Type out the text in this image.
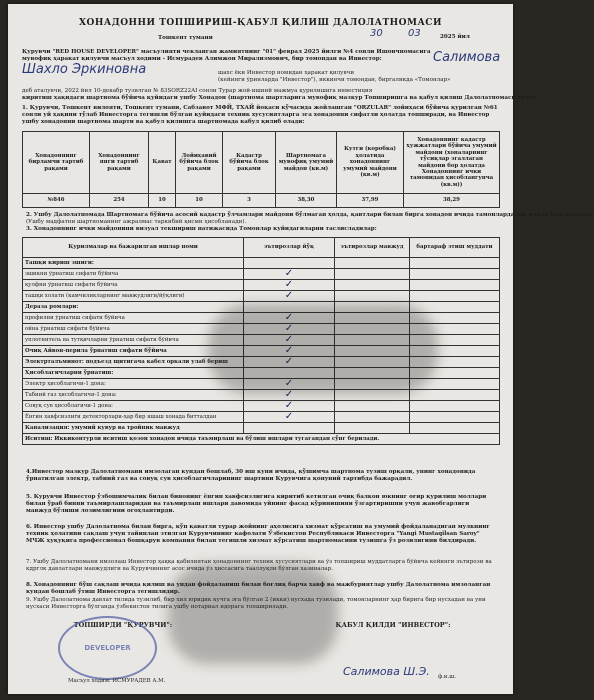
ХОНАДОННИ ТОПШИРИШ-ҚАБУЛ ҚИЛИШ ДАЛОЛАТНОМАСИ
Тошкент тумани	30	03	2025 йил
Қурувчи "RED HOUSE DEVELOPER" масъулияти чекланган жамиятнинг "01" феврал 2025 йилги №4 сонли Ишончномасига
мувофиқ ҳаракат қилувчи масъул ходими - Исмурадев Алимжон Мирализмович, бир томондан ва Инвестор:	Салимова
Шахло Эркиновна	шахс ёки Инвестор номидан ҳаракат қилувчи
(кейинги ўринларда "Инвестор"), иккинчи томондан, биргаликда «Томонлар»
деб аталувчи, 2022 йил 10-декабр тузилган № 83SORZ22AI сонли Турар жой-ишиий мажмуа қурилишига инвестиция
киритиш ҳақидаги шартнома бўйича қуйидаги ушбу Хонадон (шартнома шартларига мувофиқ мазкур Топширишга ва қабул қилиш Далолатномаси тузди:
1. Қурувчи, Тошкент вилояти, Тошкент тумани, Сабзавот МФЙ, ТХАЙ йоқаси кўчасида жойлашган "ORZULAR" лойиҳаси бўйича қурилган №61
сонли уй ҳақини тўлаб Инвесторга тегишли бўлган қуйидаги техник хусусиятларга эга хонадонни сифатли ҳолатда топширади, ва Инвестор
ушбу хонадонни шартнома шарти ва қабул қилишга шартномада кабул қилиб олади:
Хонадоннинг бирламчи тартиб рақами	Хонадоннинг янги тартиб рақами	Қават	Лойиҳавий бўйича блок рақами	Кадастр бўйича блок рақами	Шартномага мувофиқ умумий майдон (кв.м)	Кутги (коробка) ҳолатида хонадоннинг умумий майдони (кв.м)	Хонадоннинг кадастр ҳужжатлари бўйича умумий майдони (хоналарнинг тўсиқлар эгаллаган майдони бор ҳолатда Хонадоннинг ички тамонидан ҳисоблангунча (кв.м))
№846	254	10	10	3	38,30	37,99	38,29
2. Ушбу Далолатномада Шартномага бўйича асосий кадастр ўлчамлари майдони бўлмаган ҳолда, қавтлари билан бирга хонадон ичида тамонларда иш ичида белгиланади.
(Ушбу мадфатни шартноманинг ажралмас таркибий қисми ҳисобланади).
3. Хонадоннинг ички майдонини визуал текшириш натижасида Томонлар куйидагиларни таслисладилар:
Қурилмалар ва бажарилган ишлар номи	эътирозлар йўқ	эътирозлар мавжуд	бартараф этиш муддати
Ташқи кириш эшиги:			
эшикни ўрнатиш сифати бўйича	✓		
қулфни ўрнатиш сифати бўйича	✓		
ташқи холати (камчиликларнинг мавжудлиги/йўқлиги)	✓		
Дераза ромлари:			
профилни ўрнатиш сифати бўйича	✓		
ойна ўрнатиш сифати бўйича	✓		
уплотнитель ва тутқичларни ўрнатиш сифати бўйича	✓		
Очиқ Айвон-перила ўрнатиш сифати бўйича	✓		
Электрталъминот: подъезд щитигача кабел оркали улаб бериш	✓		
Ҳисоблагичларни ўрнатиш:			
Электр ҳисоблагичи-1 дона:	✓		
Табиий газ ҳисоблагичи-1 дона:	✓		
Совуқ сув ҳисоблагичи-1 дона:	✓		
Ёнгин хавфсизлиги детекторлари-ҳар бир яшаш хонада битталдан	✓		
Канализация: умумий кувур ва тройник мавжуд			
Иситиш: Иккиконтурли иситиш қозон хонадон ичида таъмирлаш ва бўлиш ишлари тугагандан сўнг берилади.			
4.Инвестор мазкур Далолатномани имзолаган кундан бошлаб, 30 иш куни ичида, кўшимча шартнома тузиш орқали, унинг хонадонида ўрнатилган электр, табиий газ ва совуқ сув ҳисоблагичларининг шартини Курувчига қонуний тартибда бажарадил.
5. Курувчи Инвестор ўзбошимчалик билан бинонинг ёнгин хавфсизлигига киритиб кетилган очиқ балкон юкнинг оғир қурилиш моллари билан ўраб бинни таъмирлашларидан ва таъмирлаш ишлари давомида уйнинг фасад кўринишини ўзгартиришни учун жавобгарлиги мавжуд бўлиши лозимлигини огоҳлантирди.
6. Инвестор ушбу Далолатнома билан бирга, кўп қаватли турар жойнинг аҳолисига хизмат кўрсатиш ва умумий фойдаланадиган мулкнинг техник ҳолатини сақлаш учун тайинлан этилган Курувчининг кафолати Ўзбекистон Республикаси Инвесторга "Yangi Mustaqilsan Saroy" МЧЖ ҳуқуқига профессионал бошқарув компания билан тегишли хизмат кўрсатиш шартномасини тузишга ўз розилигини билдиради.
7. Ушбу Далолатномани имзолаш Инвестор ҳаққа қабилиятан ҳонадоннинг техник хусусиятлари ва ўз топшириш муддатларга бўйича кейинги эътирози ва кдрглк давлатлари мавжудлиги ва Курувчининг асос ичида ўз ҳиссасига тааллуқли бўлган хазиналар.
8. Хонадоннинг бўш сақлаш ичида қилиш ва ундан фойдаланиш билан боғлиқ барча хавф ва мажбуриятлар ушбу Далолатнома имзоланган кундан бошлаб ўтиш Инвесторга тегишлидир.
9. Ушбу Далолатнома давлат тилида тузилиб, бир хил юридик кучга эга бўлган 2 (икки) нусхада тузилади, томонларнинг ҳар бирига бир нусхадан ва уни нусхаси Инвесторга бўлганда ўзбекистон тилига ушбу нотариал идорага топширилади.
ТОПШИРДИ "ҚУРУВЧИ":	ҚАБУЛ ҚИЛДИ "ИНВЕСТОР":
DEVELOPER
Масъул ходим: ИСМУРАДЕВ А.М.
Салимова Ш.Э. ф.и.ш.
